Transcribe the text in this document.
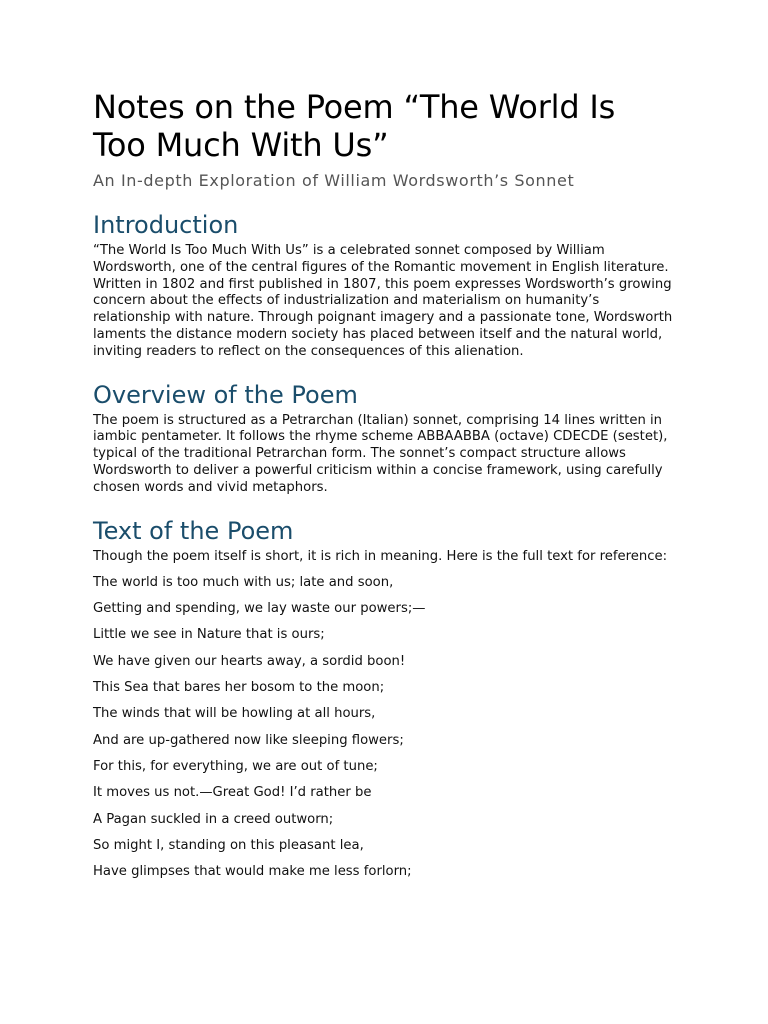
Notes on the Poem “The World Is Too Much With Us”
An In-depth Exploration of William Wordsworth’s Sonnet
Introduction

“The World Is Too Much With Us” is a celebrated sonnet composed by William Wordsworth, one of the central figures of the Romantic movement in English literature. Written in 1802 and first published in 1807, this poem expresses Wordsworth’s growing concern about the effects of industrialization and materialism on humanity’s relationship with nature. Through poignant imagery and a passionate tone, Wordsworth laments the distance modern society has placed between itself and the natural world, inviting readers to reflect on the consequences of this alienation.

Overview of the Poem

The poem is structured as a Petrarchan (Italian) sonnet, comprising 14 lines written in iambic pentameter. It follows the rhyme scheme ABBAABBA (octave) CDECDE (sestet), typical of the traditional Petrarchan form. The sonnet’s compact structure allows Wordsworth to deliver a powerful criticism within a concise framework, using carefully chosen words and vivid metaphors.

Text of the Poem

Though the poem itself is short, it is rich in meaning. Here is the full text for reference:

The world is too much with us; late and soon,

Getting and spending, we lay waste our powers;—

Little we see in Nature that is ours;

We have given our hearts away, a sordid boon!

This Sea that bares her bosom to the moon;

The winds that will be howling at all hours,

And are up-gathered now like sleeping flowers;

For this, for everything, we are out of tune;

It moves us not.—Great God! I’d rather be

A Pagan suckled in a creed outworn;

So might I, standing on this pleasant lea,

Have glimpses that would make me less forlorn;
